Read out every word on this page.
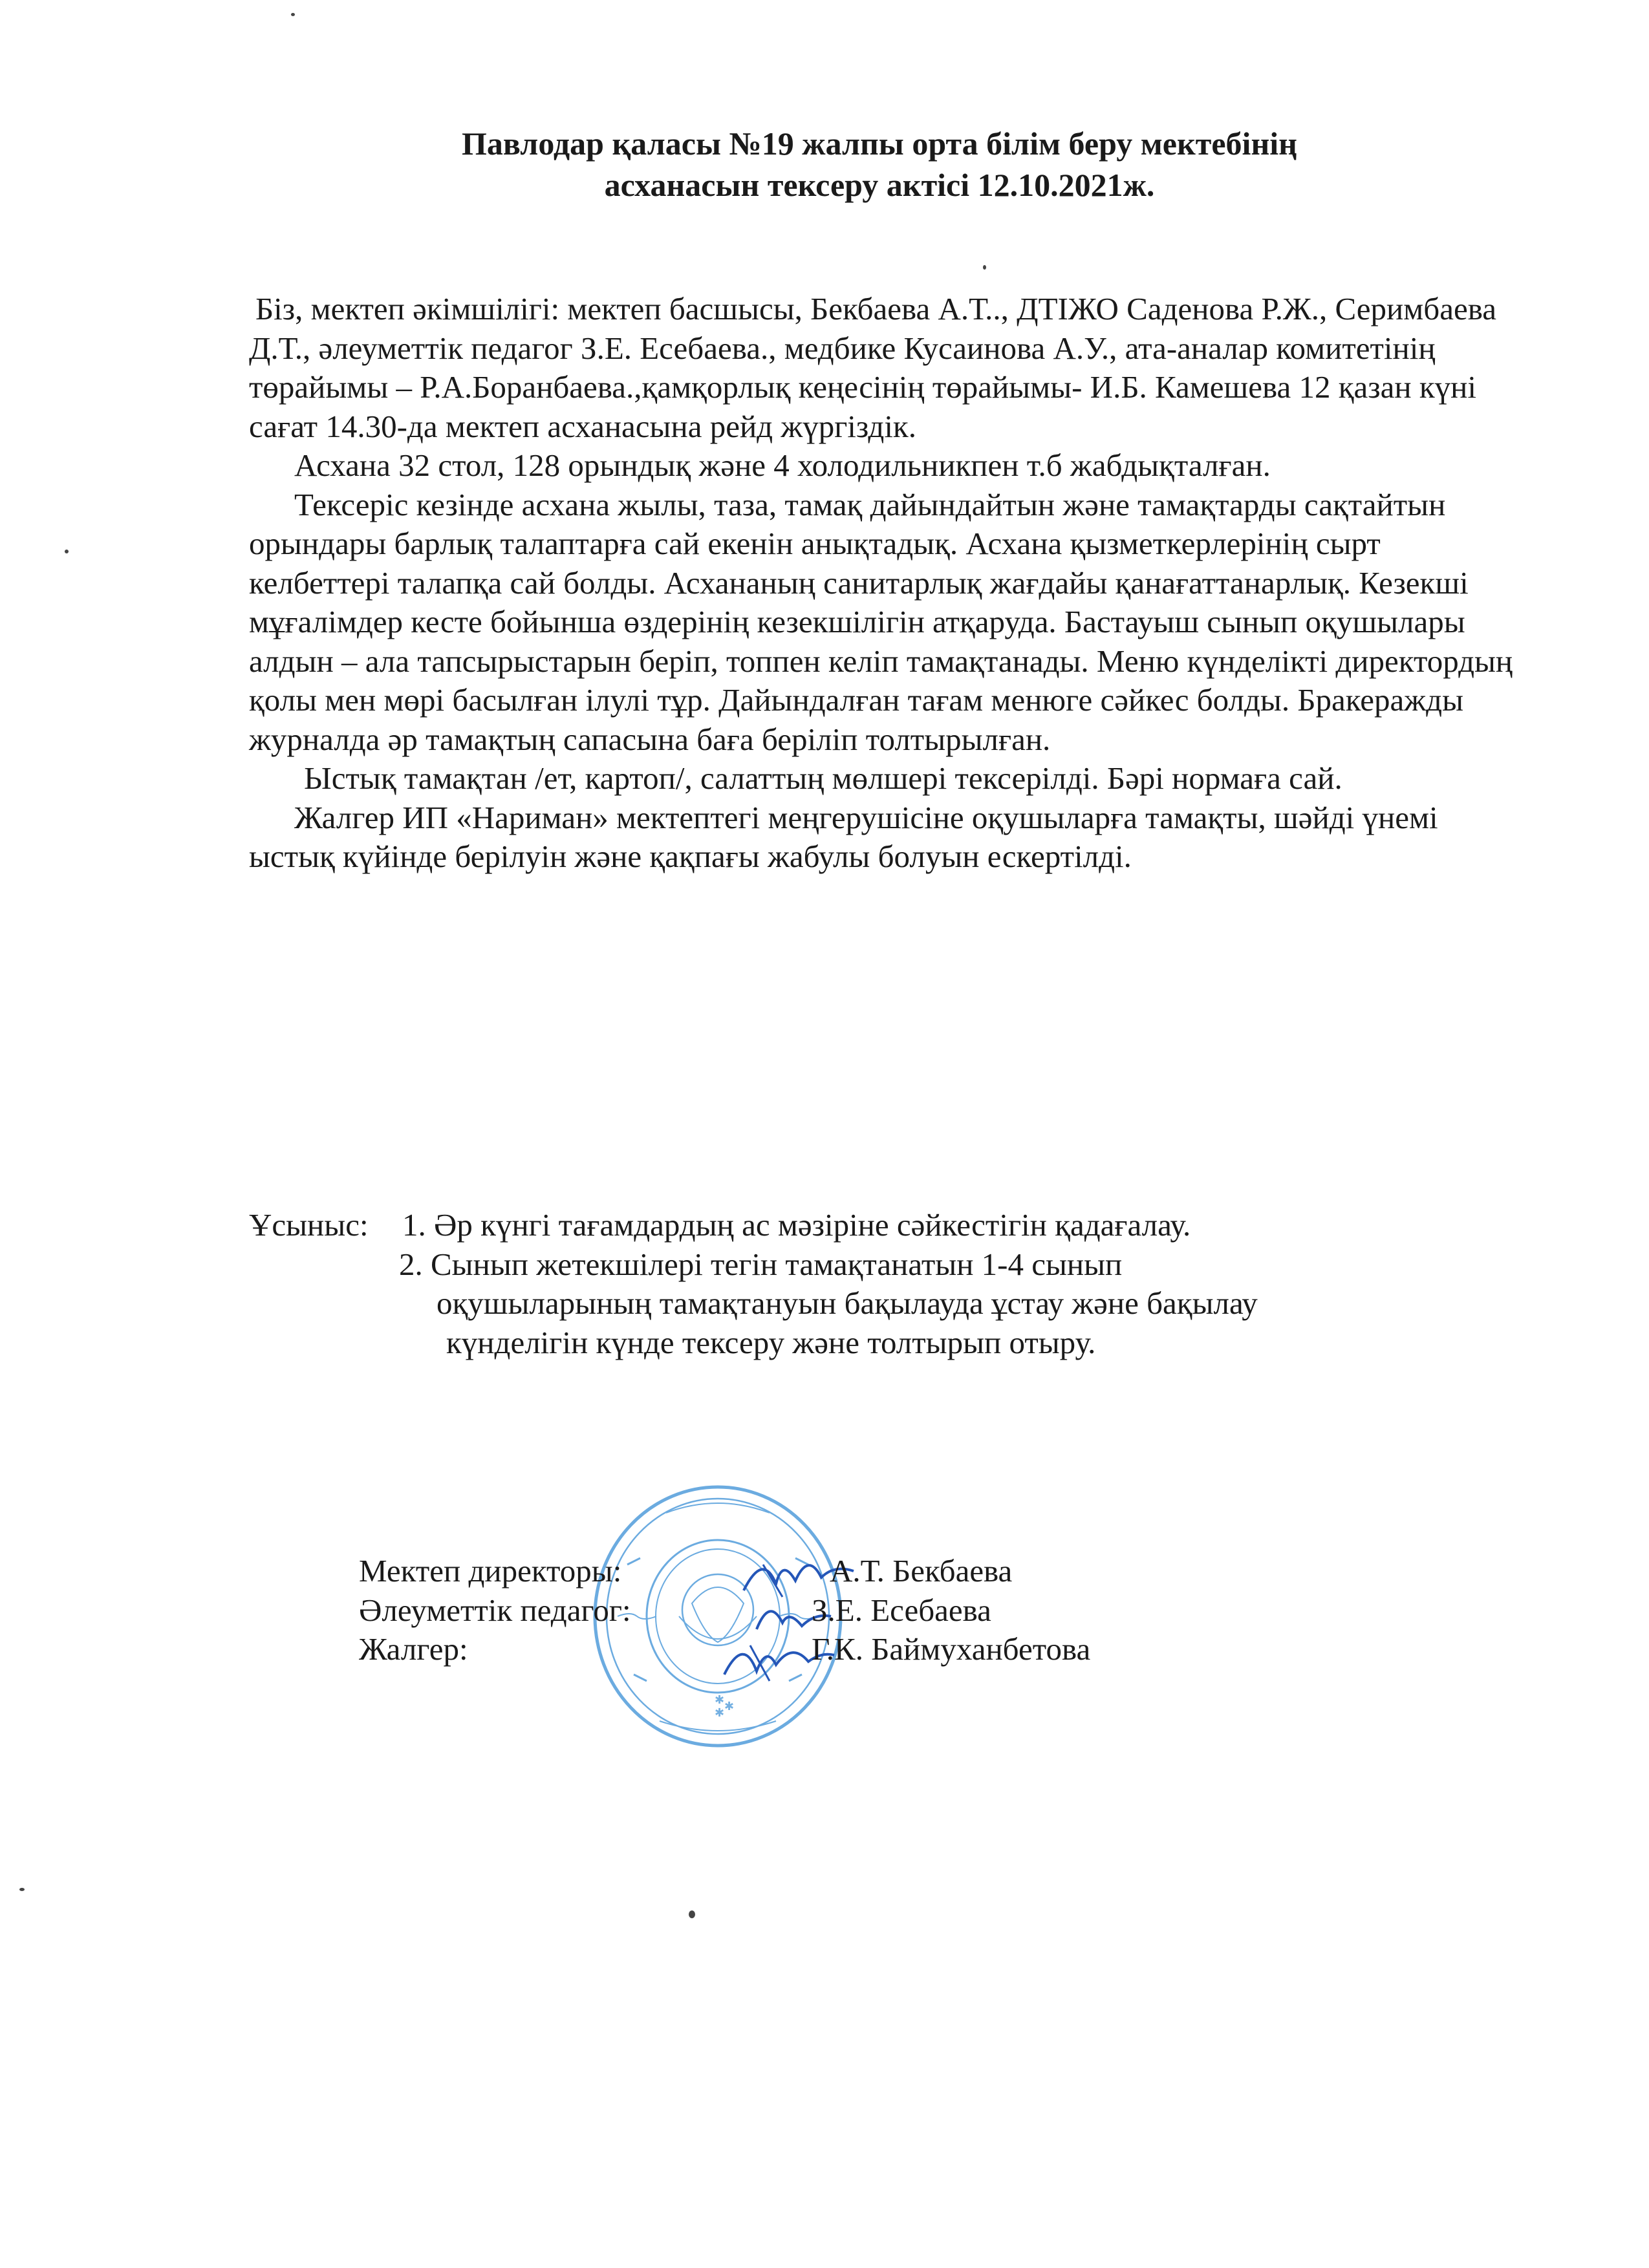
Павлодар қаласы №19 жалпы орта білім беру мектебінің
асханасын тексеру актісі 12.10.2021ж.

Біз, мектеп әкімшілігі: мектеп басшысы, Бекбаева А.Т.., ДТІЖО Саденова Р.Ж., Серимбаева Д.Т., әлеуметтік педагог З.Е. Есебаева., медбике Кусаинова А.У., ата-аналар комитетінің төрайымы – Р.А.Боранбаева.,қамқорлық кеңесінің төрайымы- И.Б. Камешева 12 қазан күні сағат 14.30-да мектеп асханасына рейд жүргіздік.

Асхана 32 стол, 128 орындық және 4 холодильникпен т.б жабдықталған.

Тексеріс кезінде асхана жылы, таза, тамақ дайындайтын және тамақтарды сақтайтын орындары барлық талаптарға сай екенін анықтадық. Асхана қызметкерлерінің сырт келбеттері талапқа сай болды. Асхананың санитарлық жағдайы қанағаттанарлық. Кезекші мұғалімдер кесте бойынша өздерінің кезекшілігін атқаруда. Бастауыш сынып оқушылары алдын – ала тапсырыстарын беріп, топпен келіп тамақтанады. Меню күнделікті директордың қолы мен мөрі басылған ілулі тұр. Дайындалған тағам менюге сәйкес болды. Бракеражды журналда әр тамақтың сапасына баға беріліп толтырылған.

Ыстық тамақтан /ет, картоп/, салаттың мөлшері тексерілді. Бәрі нормаға сай.

Жалгер ИП «Нариман» мектептегі меңгерушісіне оқушыларға тамақты, шәйді үнемі ыстық күйінде берілуін және қақпағы жабулы болуын ескертілді.

Ұсыныс: 1. Әр күнгі тағамдардың ас мәзіріне сәйкестігін қадағалау.
2. Сынып жетекшілері тегін тамақтанатын 1-4 сынып
оқушыларының тамақтануын бақылауда ұстау және бақылау
күнделігін күнде тексеру және толтырып отыру.
✱
✱ ✱
Мектеп директоры:	А.Т. Бекбаева
Әлеуметтік педагог:	З.Е. Есебаева
Жалгер:	Г.К. Баймуханбетова
